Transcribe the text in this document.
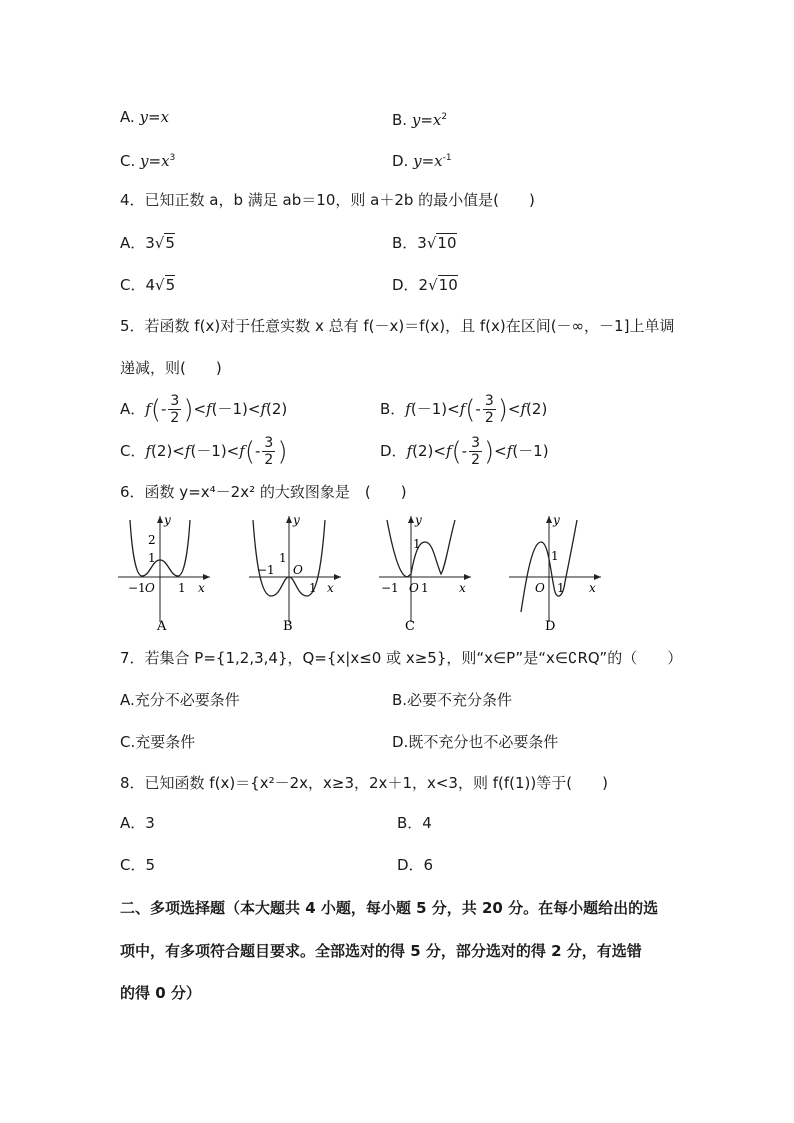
A. y=x	B. $y=x^2$
C. $y=x^3$	D. $y=x^{-1}$
4．已知正数 a，b 满足 ab＝10，则 a＋2b 的最小值是(　　)
A．3√5	B．3√10
C．4√5	D．2√10
5．若函数 f(x)对于任意实数 x 总有 f(－x)＝f(x)，且 f(x)在区间(－∞，－1]上单调
递减，则(　　)
A．$f(- \frac{3}{2} )<f(-1)<f(2)$	B．$f(-1)<f(- \frac{3}{2} )<f(2)$
C．$f(2)<f(-1)<f(- \frac{3}{2}$ )	D．$f(2)<f(- \frac{3}{2} )<f(-1)$
6．函数 y=x⁴－2x² 的大致图象是　(　　)
y
2
1
−1 O 1 x
A
y
1
−1 O
1 x
B
y
1
−1 O 1	x
C
y
1
O 1 x
D
7．若集合 P={1,2,3,4}，Q={x|x≤0 或 x≥5}，则“x∈P”是“x∈∁RQ”的（　　）
A.充分不必要条件	B.必要不充分条件
C.充要条件	D.既不充分也不必要条件
8．已知函数 f(x)＝{x²－2x，x≥3，2x＋1，x<3，则 f(f(1))等于(　　)
A．3	B．4
C．5	D．6
二、多项选择题（本大题共 4 小题，每小题 5 分，共 20 分。在每小题给出的选
项中，有多项符合题目要求。全部选对的得 5 分，部分选对的得 2 分，有选错
的得 0 分）
